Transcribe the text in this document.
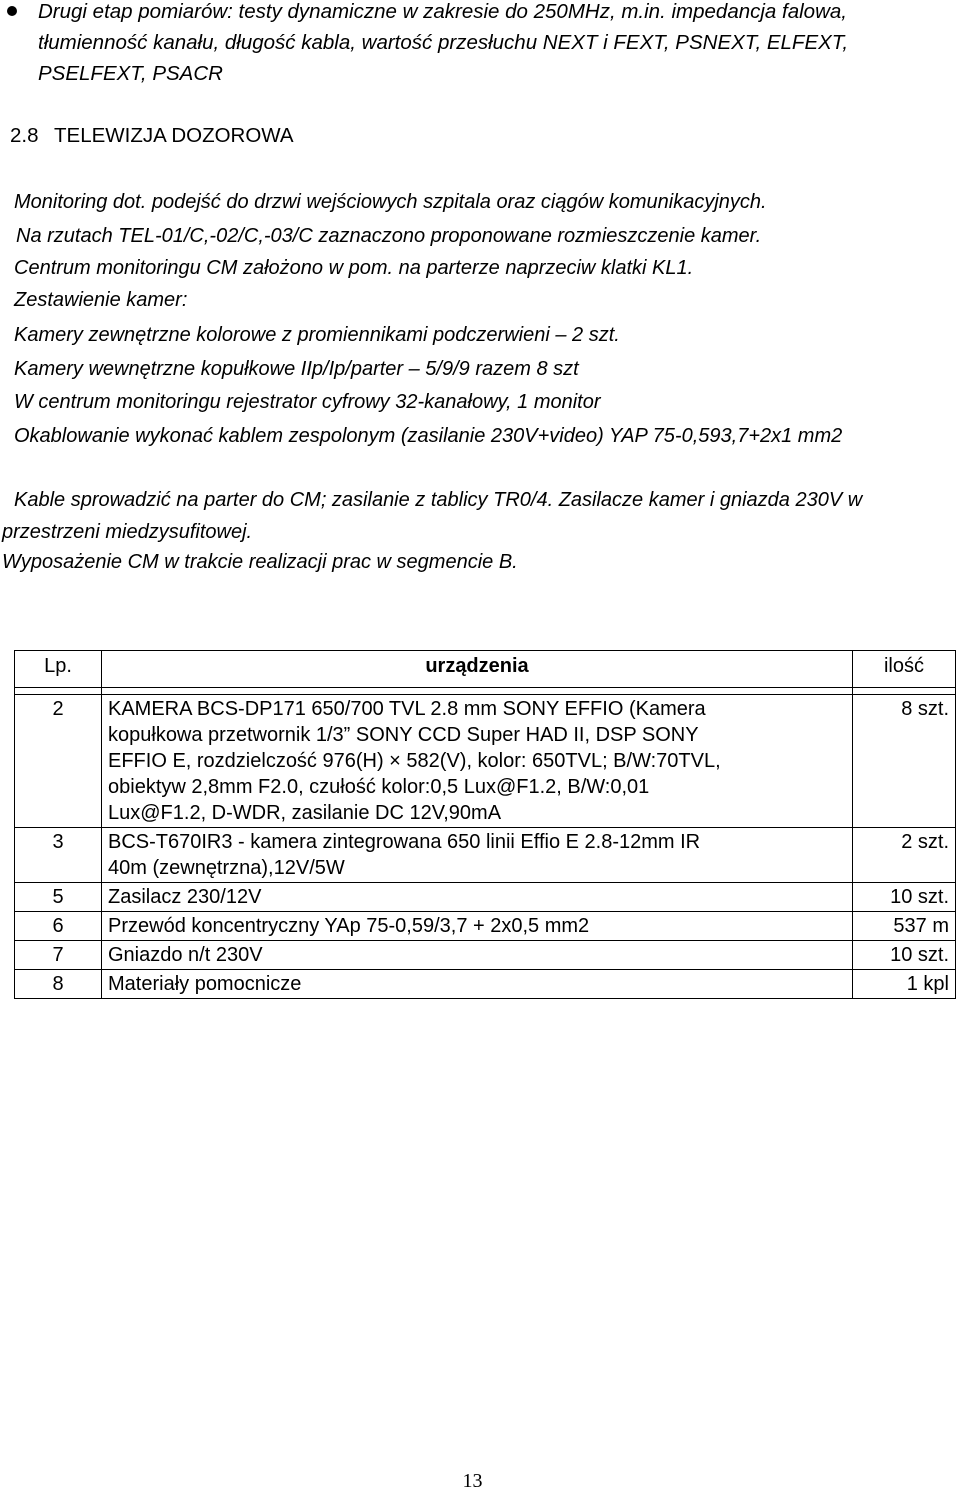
Drugi etap pomiarów: testy dynamiczne w zakresie do 250MHz, m.in. impedancja falowa, tłumienność kanału, długość kabla, wartość przesłuchu NEXT i FEXT, PSNEXT, ELFEXT, PSELFEXT, PSACR

2.8 TELEWIZJA DOZOROWA

Monitoring dot. podejść do drzwi wejściowych szpitala oraz ciągów komunikacyjnych.

Na rzutach TEL-01/C,-02/C,-03/C zaznaczono proponowane rozmieszczenie kamer.

Centrum monitoringu CM założono w pom. na parterze naprzeciw klatki KL1.

Zestawienie kamer:

Kamery zewnętrzne kolorowe z promiennikami podczerwieni – 2 szt.

Kamery wewnętrzne kopułkowe IIp/Ip/parter – 5/9/9 razem 8 szt

W centrum monitoringu rejestrator cyfrowy 32-kanałowy, 1 monitor

Okablowanie wykonać kablem zespolonym (zasilanie 230V+video) YAP 75-0,593,7+2x1 mm2

Kable sprowadzić na parter do CM; zasilanie z tablicy TR0/4. Zasilacze kamer i gniazda 230V w przestrzeni miedzysufitowej.

Wyposażenie CM w trakcie realizacji prac w segmencie B.

Lp.	urządzenia	ilość

2	KAMERA BCS-DP171 650/700 TVL 2.8 mm SONY EFFIO (Kamera kopułkowa przetwornik 1/3” SONY CCD Super HAD II, DSP SONY EFFIO E, rozdzielczość 976(H) × 582(V), kolor: 650TVL; B/W:70TVL, obiektyw 2,8mm F2.0, czułość kolor:0,5 Lux@F1.2, B/W:0,01 Lux@F1.2, D-WDR, zasilanie DC 12V,90mA	8 szt.
3	BCS-T670IR3 - kamera zintegrowana 650 linii Effio E 2.8-12mm IR 40m (zewnętrzna),12V/5W	2 szt.
5	Zasilacz 230/12V	10 szt.
6	Przewód koncentryczny YAp 75-0,59/3,7 + 2x0,5 mm2	537 m
7	Gniazdo n/t 230V	10 szt.
8	Materiały pomocnicze	1 kpl

13
